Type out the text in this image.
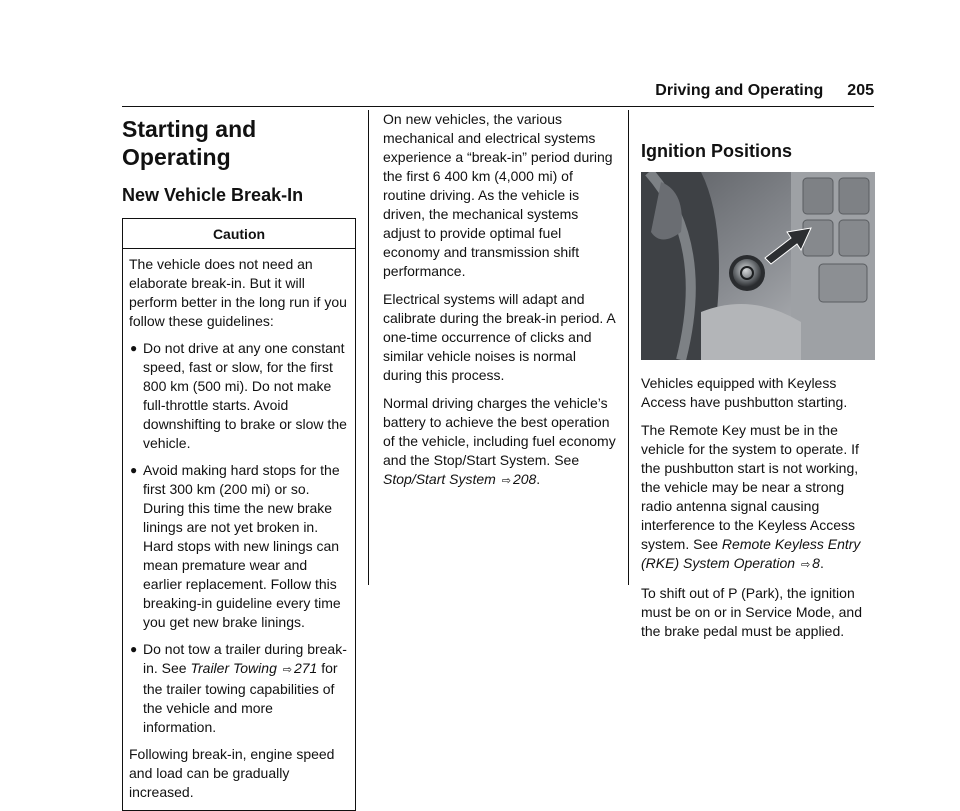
Driving and Operating 205
Starting and Operating
New Vehicle Break-In
Caution

The vehicle does not need an elaborate break-in. But it will perform better in the long run if you follow these guidelines:

● Do not drive at any one constant speed, fast or slow, for the first 800 km (500 mi). Do not make full-throttle starts. Avoid downshifting to brake or slow the vehicle.
● Avoid making hard stops for the first 300 km (200 mi) or so. During this time the new brake linings are not yet broken in. Hard stops with new linings can mean premature wear and earlier replacement. Follow this breaking-in guideline every time you get new brake linings.
● Do not tow a trailer during break-in. See Trailer Towing ⇨ 271 for the trailer towing capabilities of the vehicle and more information.

Following break-in, engine speed and load can be gradually increased.

On new vehicles, the various mechanical and electrical systems experience a “break-in” period during the first 6 400 km (4,000 mi) of routine driving. As the vehicle is driven, the mechanical systems adjust to provide optimal fuel economy and transmission shift performance.

Electrical systems will adapt and calibrate during the break-in period. A one-time occurrence of clicks and similar vehicle noises is normal during this process.

Normal driving charges the vehicle’s battery to achieve the best operation of the vehicle, including fuel economy and the Stop/Start System. See Stop/Start System ⇨ 208.

Ignition Positions

Vehicles equipped with Keyless Access have pushbutton starting.

The Remote Key must be in the vehicle for the system to operate. If the pushbutton start is not working, the vehicle may be near a strong radio antenna signal causing interference to the Keyless Access system. See Remote Keyless Entry (RKE) System Operation ⇨ 8.

To shift out of P (Park), the ignition must be on or in Service Mode, and the brake pedal must be applied.
